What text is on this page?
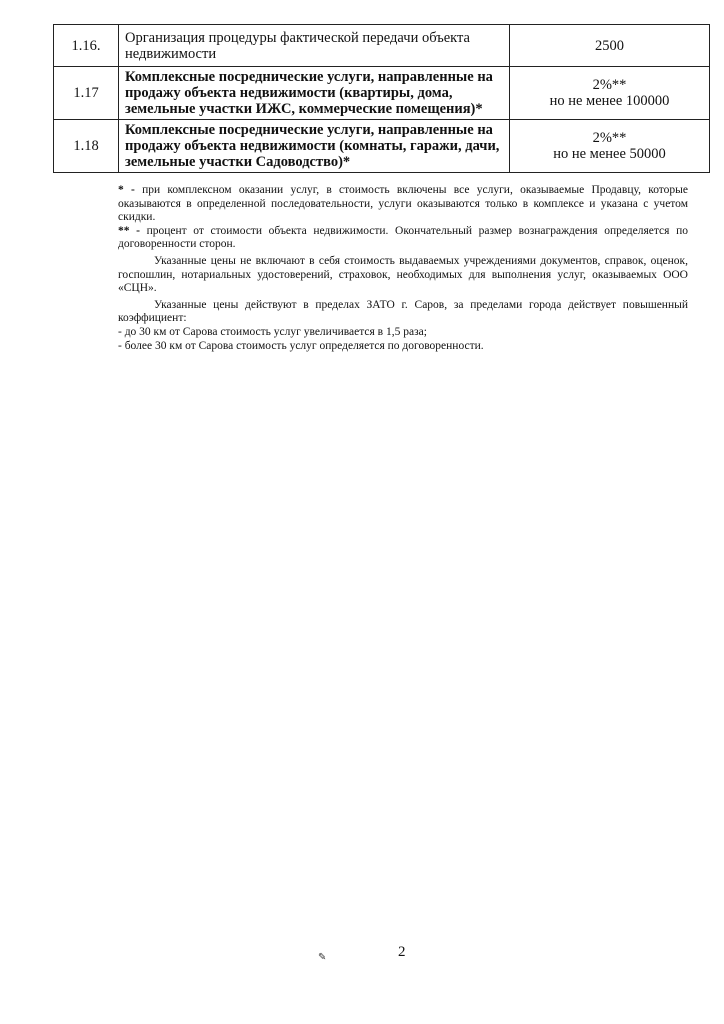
1.16.	Организация процедуры фактической передачи объекта недвижимости	2500

1.17	Комплексные посреднические услуги, направленные на продажу объекта недвижимости (квартиры, дома, земельные участки ИЖС, коммерческие помещения)*	2%**
но не менее 100000

1.18	Комплексные посреднические услуги, направленные на продажу объекта недвижимости (комнаты, гаражи, дачи, земельные участки Садоводство)*	2%**
но не менее 50000

* - при комплексном оказании услуг, в стоимость включены все услуги, оказываемые Продавцу, которые оказываются в определенной последовательности, услуги оказываются только в комплексе и указана с учетом скидки.

** - процент от стоимости объекта недвижимости. Окончательный размер вознаграждения определяется по договоренности сторон.

Указанные цены не включают в себя стоимость выдаваемых учреждениями документов, справок, оценок, госпошлин, нотариальных удостоверений, страховок, необходимых для выполнения услуг, оказываемых ООО «СЦН».

Указанные цены действуют в пределах ЗАТО г. Саров, за пределами города действует повышенный коэффициент:

- до 30 км от Сарова стоимость услуг увеличивается в 1,5 раза;

- более 30 км от Сарова стоимость услуг определяется по договоренности.

✎	2
